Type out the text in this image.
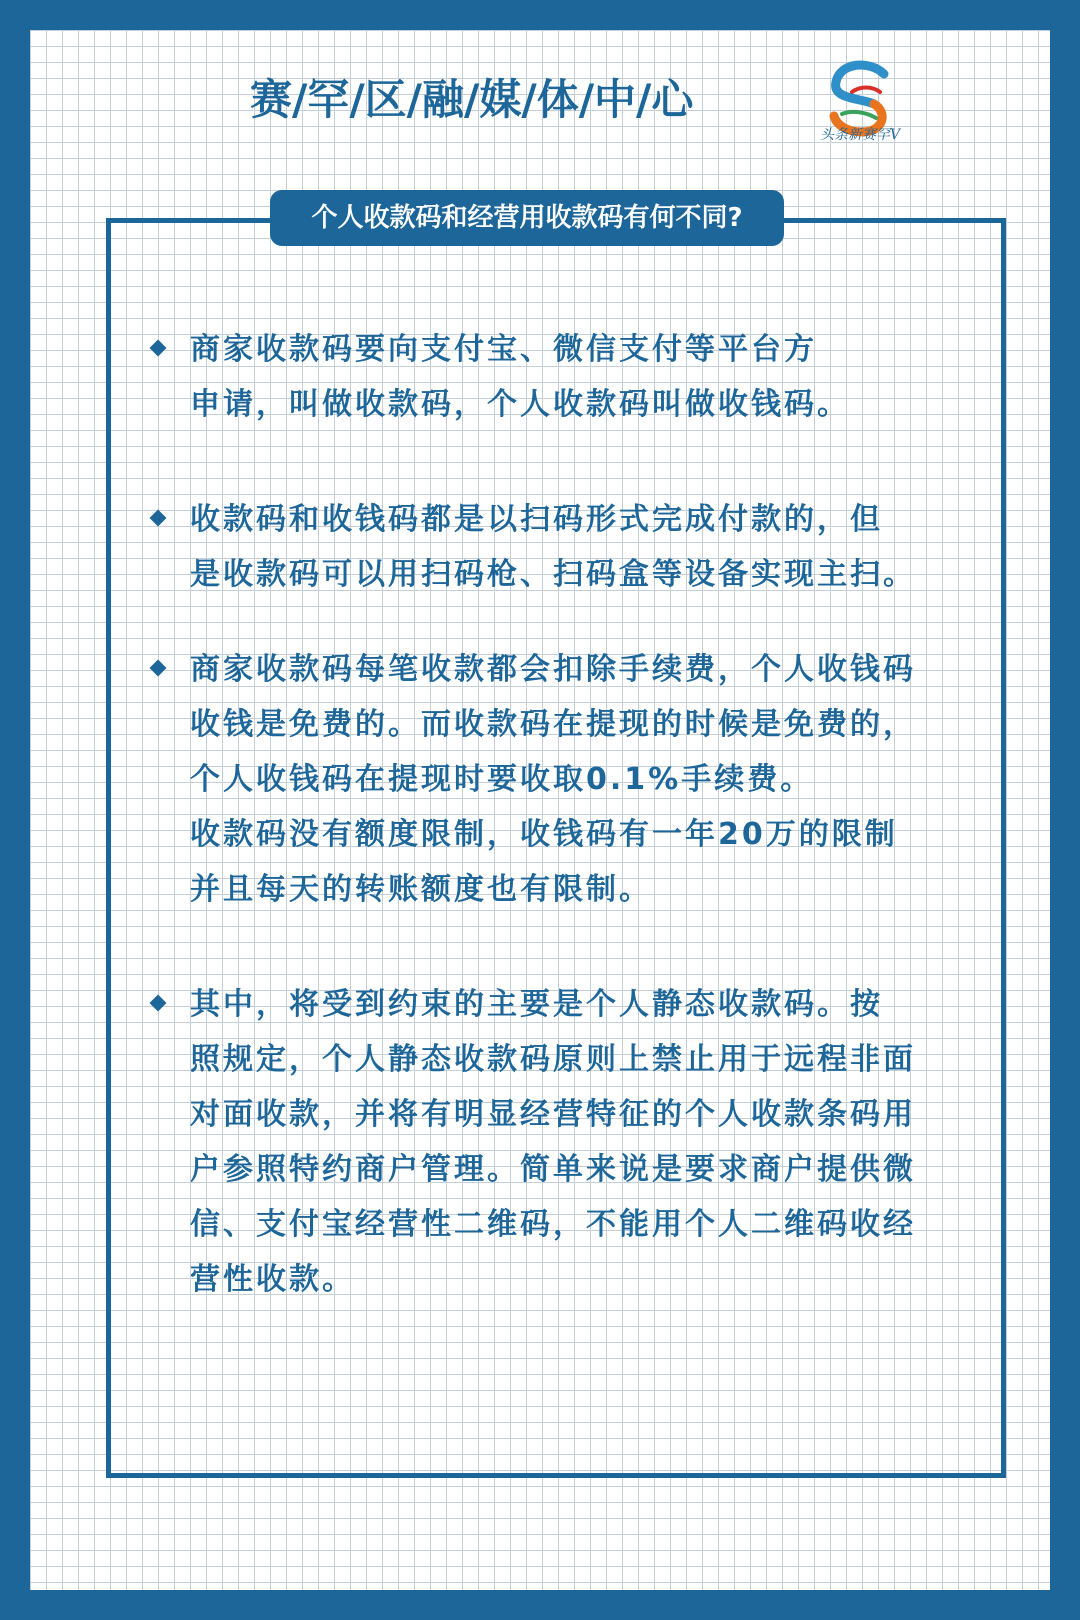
赛/罕/区/融/媒/体/中/心
头条新赛罕V
个人收款码和经营用收款码有何不同?
商家收款码要向支付宝、微信支付等平台方
申请，叫做收款码，个人收款码叫做收钱码。
收款码和收钱码都是以扫码形式完成付款的，但
是收款码可以用扫码枪、扫码盒等设备实现主扫。
商家收款码每笔收款都会扣除手续费，个人收钱码
收钱是免费的。而收款码在提现的时候是免费的，
个人收钱码在提现时要收取0.1%手续费。
收款码没有额度限制，收钱码有一年20万的限制
并且每天的转账额度也有限制。
其中，将受到约束的主要是个人静态收款码。按
照规定，个人静态收款码原则上禁止用于远程非面
对面收款，并将有明显经营特征的个人收款条码用
户参照特约商户管理。简单来说是要求商户提供微
信、支付宝经营性二维码，不能用个人二维码收经
营性收款。
